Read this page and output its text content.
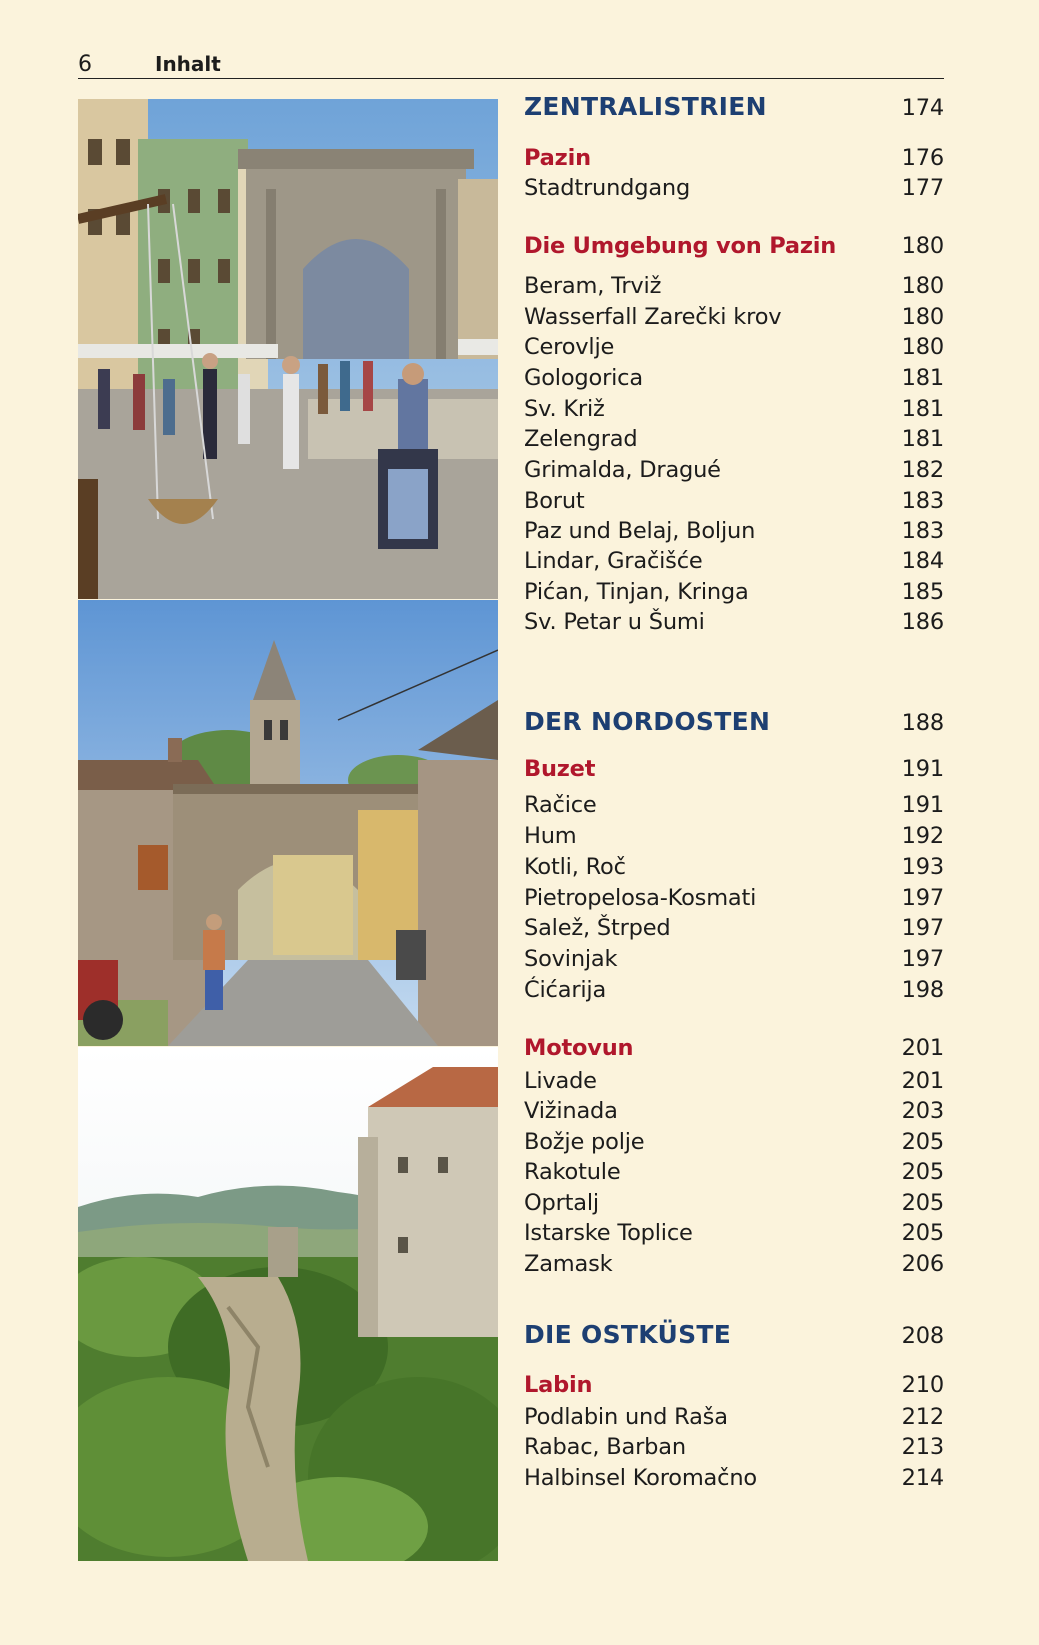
6	Inhalt
ZENTRALISTRIEN	174
Pazin	176
Stadtrundgang	177
Die Umgebung von Pazin	180
Beram, Trviž	180
Wasserfall Zarečki krov	180
Cerovlje	180
Gologorica	181
Sv. Križ	181
Zelengrad	181
Grimalda, Dragué	182
Borut	183
Paz und Belaj, Boljun	183
Lindar, Gračišće	184
Pićan, Tinjan, Kringa	185
Sv. Petar u Šumi	186
DER NORDOSTEN	188
Buzet	191
Račice	191
Hum	192
Kotli, Roč	193
Pietropelosa-Kosmati	197
Salež, Štrped	197
Sovinjak	197
Ćićarija	198
Motovun	201
Livade	201
Vižinada	203
Božje polje	205
Rakotule	205
Oprtalj	205
Istarske Toplice	205
Zamask	206
DIE OSTKÜSTE	208
Labin	210
Podlabin und Raša	212
Rabac, Barban	213
Halbinsel Koromačno	214
